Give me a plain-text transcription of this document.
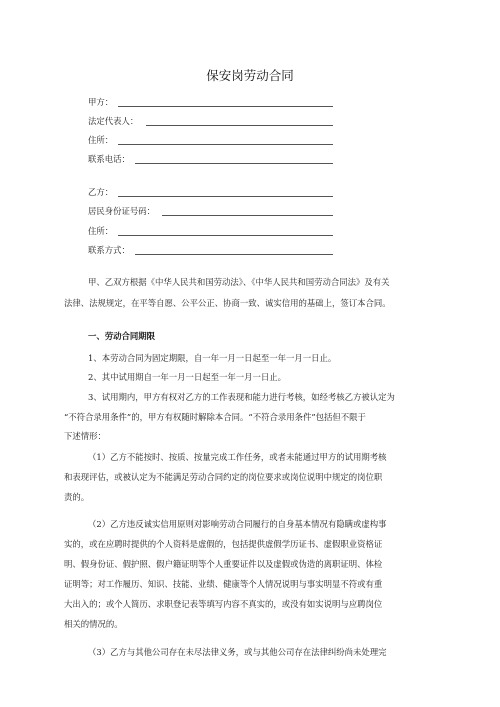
保安岗劳动合同
甲方：
法定代表人：
住所：
联系电话：
乙方：
居民身份证号码：
住所：
联系方式：
甲、乙双方根据《中华人民共和国劳动法》、《中华人民共和国劳动合同法》及有关
法律、法规规定，在平等自愿、公平公正、协商一致、诚实信用的基础上，签订本合同。
一、劳动合同期限
1、本劳动合同为固定期限，自一年一月一日起至一年一月一日止。
2、其中试用期自一年一月一日起至一年一月一日止。
3、试用期内，甲方有权对乙方的工作表现和能力进行考核，如经考核乙方被认定为
“不符合录用条件”的，甲方有权随时解除本合同。“不符合录用条件”包括但不限于
下述情形：
（1）乙方不能按时、按质、按量完成工作任务，或者未能通过甲方的试用期考核
和表现评估，或被认定为不能满足劳动合同约定的岗位要求或岗位说明中规定的岗位职
责的。
（2）乙方违反诚实信用原则对影响劳动合同履行的自身基本情况有隐瞒或虚构事
实的，或在应聘时提供的个人资料是虚假的，包括提供虚假学历证书、虚假职业资格证
明、假身份证、假护照、假户籍证明等个人重要证件以及虚假或伪造的离职证明、体检
证明等；对工作履历、知识、技能、业绩、健康等个人情况说明与事实明显不符或有重
大出入的；或个人简历、求职登记表等填写内容不真实的，或没有如实说明与应聘岗位
相关的情况的。
（3）乙方与其他公司存在未尽法律义务，或与其他公司存在法律纠纷尚未处理完
